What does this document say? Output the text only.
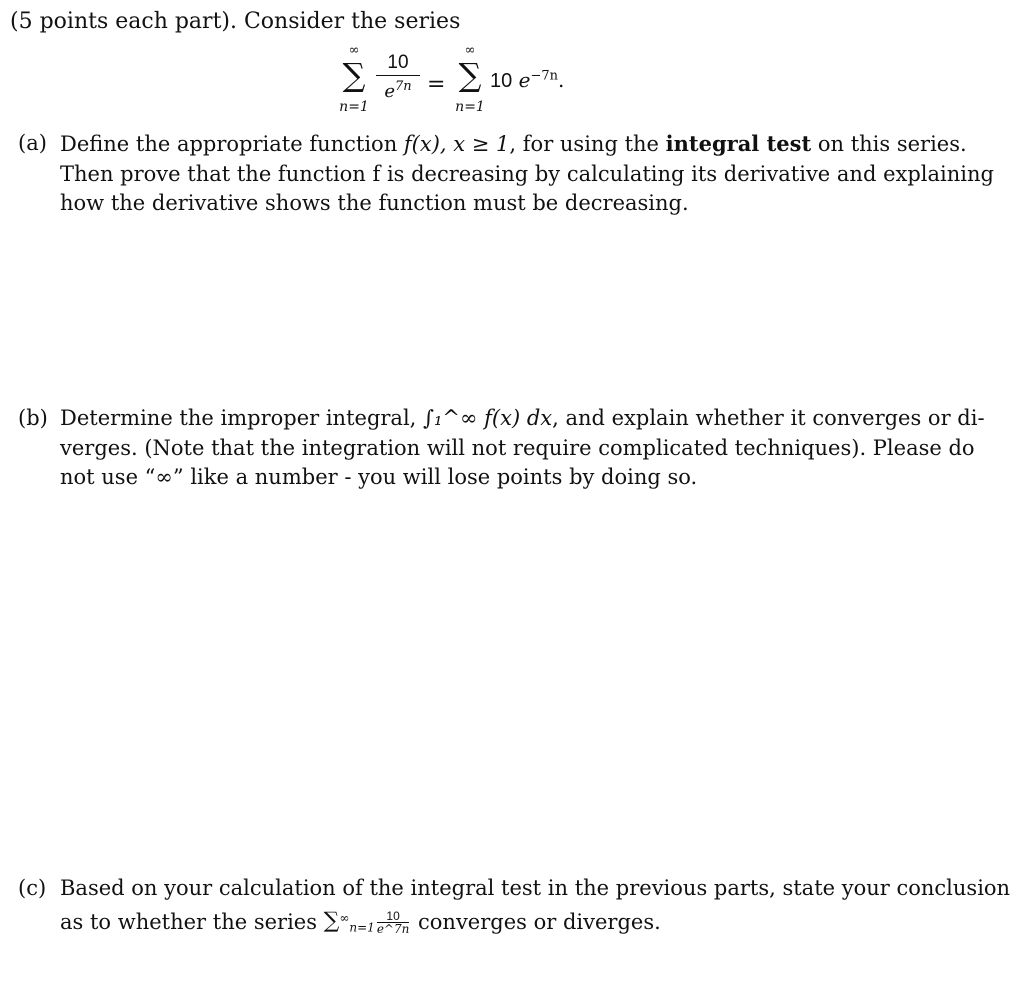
(5 points each part). Consider the series
∞
∑
n=1
$\frac{10}{e^{7n}}$ =
∞
∑
n=1
10 $e^{-7n}$.
(a) Define the appropriate function f(x), x ≥ 1, for using the integral test on this series.
Then prove that the function f is decreasing by calculating its derivative and explaining
how the derivative shows the function must be decreasing.
(b) Determine the improper integral, ∫₁^∞ f(x) dx, and explain whether it converges or di-
verges. (Note that the integration will not require complicated techniques). Please do
not use “∞” like a number - you will lose points by doing so.
(c) Based on your calculation of the integral test in the previous parts, state your conclusion
as to whether the series $\sum^\infty_{n=1} \frac{10}{e\^{}7n}$ converges or diverges.
